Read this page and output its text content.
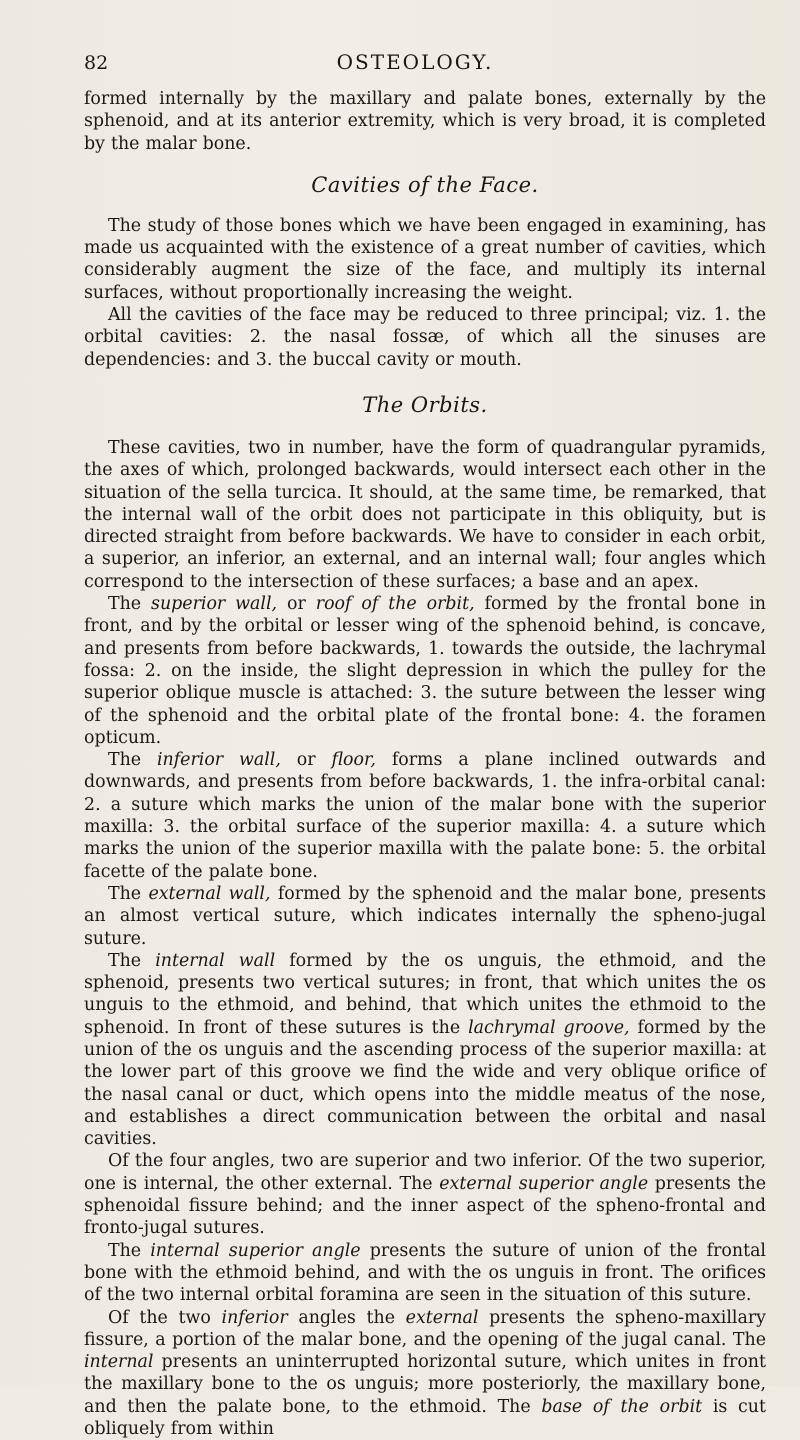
82	OSTEOLOGY.

formed internally by the maxillary and palate bones, externally by the sphenoid, and at its anterior extremity, which is very broad, it is completed by the malar bone.

Cavities of the Face.

The study of those bones which we have been engaged in examining, has made us acquainted with the existence of a great number of cavities, which considerably augment the size of the face, and multiply its internal surfaces, without proportionally increasing the weight.

All the cavities of the face may be reduced to three principal; viz. 1. the orbital cavities: 2. the nasal fossæ, of which all the sinuses are dependencies: and 3. the buccal cavity or mouth.

The Orbits.

These cavities, two in number, have the form of quadrangular pyramids, the axes of which, prolonged backwards, would intersect each other in the situation of the sella turcica. It should, at the same time, be remarked, that the internal wall of the orbit does not participate in this obliquity, but is directed straight from before backwards. We have to consider in each orbit, a superior, an inferior, an external, and an internal wall; four angles which correspond to the intersection of these surfaces; a base and an apex.

The superior wall, or roof of the orbit, formed by the frontal bone in front, and by the orbital or lesser wing of the sphenoid behind, is concave, and presents from before backwards, 1. towards the outside, the lachrymal fossa: 2. on the inside, the slight depression in which the pulley for the superior oblique muscle is attached: 3. the suture between the lesser wing of the sphenoid and the orbital plate of the frontal bone: 4. the foramen opticum.

The inferior wall, or floor, forms a plane inclined outwards and downwards, and presents from before backwards, 1. the infra-orbital canal: 2. a suture which marks the union of the malar bone with the superior maxilla: 3. the orbital surface of the superior maxilla: 4. a suture which marks the union of the superior maxilla with the palate bone: 5. the orbital facette of the palate bone.

The external wall, formed by the sphenoid and the malar bone, presents an almost vertical suture, which indicates internally the spheno-jugal suture.

The internal wall formed by the os unguis, the ethmoid, and the sphenoid, presents two vertical sutures; in front, that which unites the os unguis to the ethmoid, and behind, that which unites the ethmoid to the sphenoid. In front of these sutures is the lachrymal groove, formed by the union of the os unguis and the ascending process of the superior maxilla: at the lower part of this groove we find the wide and very oblique orifice of the nasal canal or duct, which opens into the middle meatus of the nose, and establishes a direct communication between the orbital and nasal cavities.

Of the four angles, two are superior and two inferior. Of the two superior, one is internal, the other external. The external superior angle presents the sphenoidal fissure behind; and the inner aspect of the spheno-frontal and fronto-jugal sutures.

The internal superior angle presents the suture of union of the frontal bone with the ethmoid behind, and with the os unguis in front. The orifices of the two internal orbital foramina are seen in the situation of this suture.

Of the two inferior angles the external presents the spheno-maxillary fissure, a portion of the malar bone, and the opening of the jugal canal. The internal presents an uninterrupted horizontal suture, which unites in front the maxillary bone to the os unguis; more posteriorly, the maxillary bone, and then the palate bone, to the ethmoid. The base of the orbit is cut obliquely from within
